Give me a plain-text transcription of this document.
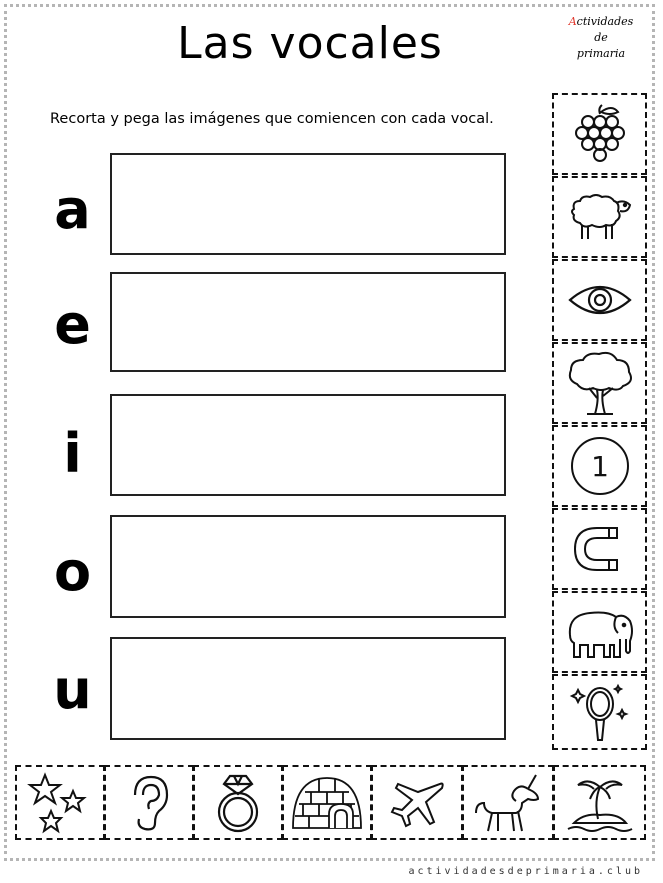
Las vocales	Actividades de
primaria
Recorta y pega las imágenes que comiencen con cada vocal.
a
e
i
o
u
1
actividadesdeprimaria.club
